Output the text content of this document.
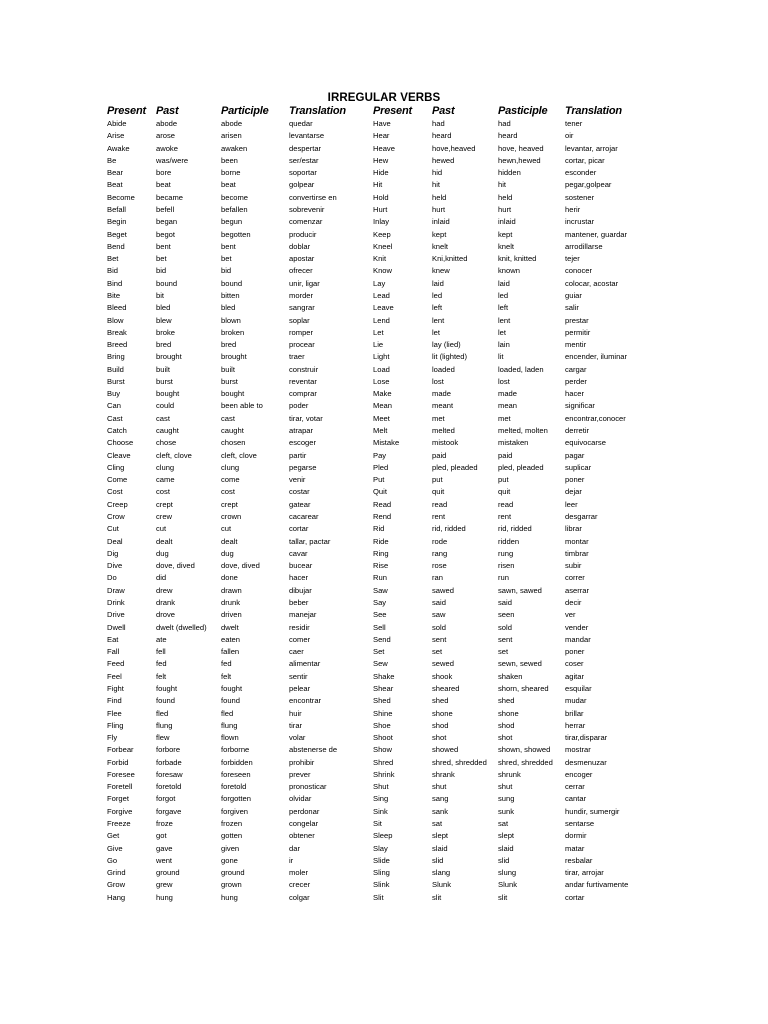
IRREGULAR VERBS
Present	Past	Participle	Translation	Present	Past	Pasticiple	Translation
Abide	abode	abode	quedar	Have	had	had	tener
Arise	arose	arisen	levantarse	Hear	heard	heard	oir
Awake	awoke	awaken	despertar	Heave	hove,heaved	hove, heaved	levantar, arrojar
Be	was/were	been	ser/estar	Hew	hewed	hewn,hewed	cortar, picar
Bear	bore	borne	soportar	Hide	hid	hidden	esconder
Beat	beat	beat	golpear	Hit	hit	hit	pegar,golpear
Become	became	become	convertirse en	Hold	held	held	sostener
Befall	befell	befallen	sobrevenir	Hurt	hurt	hurt	herir
Begin	began	begun	comenzar	Inlay	inlaid	inlaid	incrustar
Beget	begot	begotten	producir	Keep	kept	kept	mantener, guardar
Bend	bent	bent	doblar	Kneel	knelt	knelt	arrodillarse
Bet	bet	bet	apostar	Knit	Kni,knitted	knit, knitted	tejer
Bid	bid	bid	ofrecer	Know	knew	known	conocer
Bind	bound	bound	unir, ligar	Lay	laid	laid	colocar, acostar
Bite	bit	bitten	morder	Lead	led	led	guiar
Bleed	bled	bled	sangrar	Leave	left	left	salir
Blow	blew	blown	soplar	Lend	lent	lent	prestar
Break	broke	broken	romper	Let	let	let	permitir
Breed	bred	bred	procear	Lie	lay (lied)	lain	mentir
Bring	brought	brought	traer	Light	lit (lighted)	lit	encender, iluminar
Build	built	built	construir	Load	loaded	loaded, laden	cargar
Burst	burst	burst	reventar	Lose	lost	lost	perder
Buy	bought	bought	comprar	Make	made	made	hacer
Can	could	been able to	poder	Mean	meant	mean	significar
Cast	cast	cast	tirar, votar	Meet	met	met	encontrar,conocer
Catch	caught	caught	atrapar	Melt	melted	melted, molten	derretir
Choose	chose	chosen	escoger	Mistake	mistook	mistaken	equivocarse
Cleave	cleft, clove	cleft, clove	partir	Pay	paid	paid	pagar
Cling	clung	clung	pegarse	Pled	pled, pleaded	pled, pleaded	suplicar
Come	came	come	venir	Put	put	put	poner
Cost	cost	cost	costar	Quit	quit	quit	dejar
Creep	crept	crept	gatear	Read	read	read	leer
Crow	crew	crown	cacarear	Rend	rent	rent	desgarrar
Cut	cut	cut	cortar	Rid	rid, ridded	rid, ridded	librar
Deal	dealt	dealt	tallar, pactar	Ride	rode	ridden	montar
Dig	dug	dug	cavar	Ring	rang	rung	timbrar
Dive	dove, dived	dove, dived	bucear	Rise	rose	risen	subir
Do	did	done	hacer	Run	ran	run	correr
Draw	drew	drawn	dibujar	Saw	sawed	sawn, sawed	aserrar
Drink	drank	drunk	beber	Say	said	said	decir
Drive	drove	driven	manejar	See	saw	seen	ver
Dwell	dwelt (dwelled)	dwelt	residir	Sell	sold	sold	vender
Eat	ate	eaten	comer	Send	sent	sent	mandar
Fall	fell	fallen	caer	Set	set	set	poner
Feed	fed	fed	alimentar	Sew	sewed	sewn, sewed	coser
Feel	felt	felt	sentir	Shake	shook	shaken	agitar
Fight	fought	fought	pelear	Shear	sheared	shorn, sheared	esquilar
Find	found	found	encontrar	Shed	shed	shed	mudar
Flee	fled	fled	huir	Shine	shone	shone	brillar
Fling	flung	flung	tirar	Shoe	shod	shod	herrar
Fly	flew	flown	volar	Shoot	shot	shot	tirar,disparar
Forbear	forbore	forborne	abstenerse de	Show	showed	shown, showed	mostrar
Forbid	forbade	forbidden	prohibir	Shred	shred, shredded	shred, shredded	desmenuzar
Foresee	foresaw	foreseen	prever	Shrink	shrank	shrunk	encoger
Foretell	foretold	foretold	pronosticar	Shut	shut	shut	cerrar
Forget	forgot	forgotten	olvidar	Sing	sang	sung	cantar
Forgive	forgave	forgiven	perdonar	Sink	sank	sunk	hundir, sumergir
Freeze	froze	frozen	congelar	Sit	sat	sat	sentarse
Get	got	gotten	obtener	Sleep	slept	slept	dormir
Give	gave	given	dar	Slay	slaid	slaid	matar
Go	went	gone	ir	Slide	slid	slid	resbalar
Grind	ground	ground	moler	Sling	slang	slung	tirar, arrojar
Grow	grew	grown	crecer	Slink	Slunk	Slunk	andar furtivamente
Hang	hung	hung	colgar	Slit	slit	slit	cortar
